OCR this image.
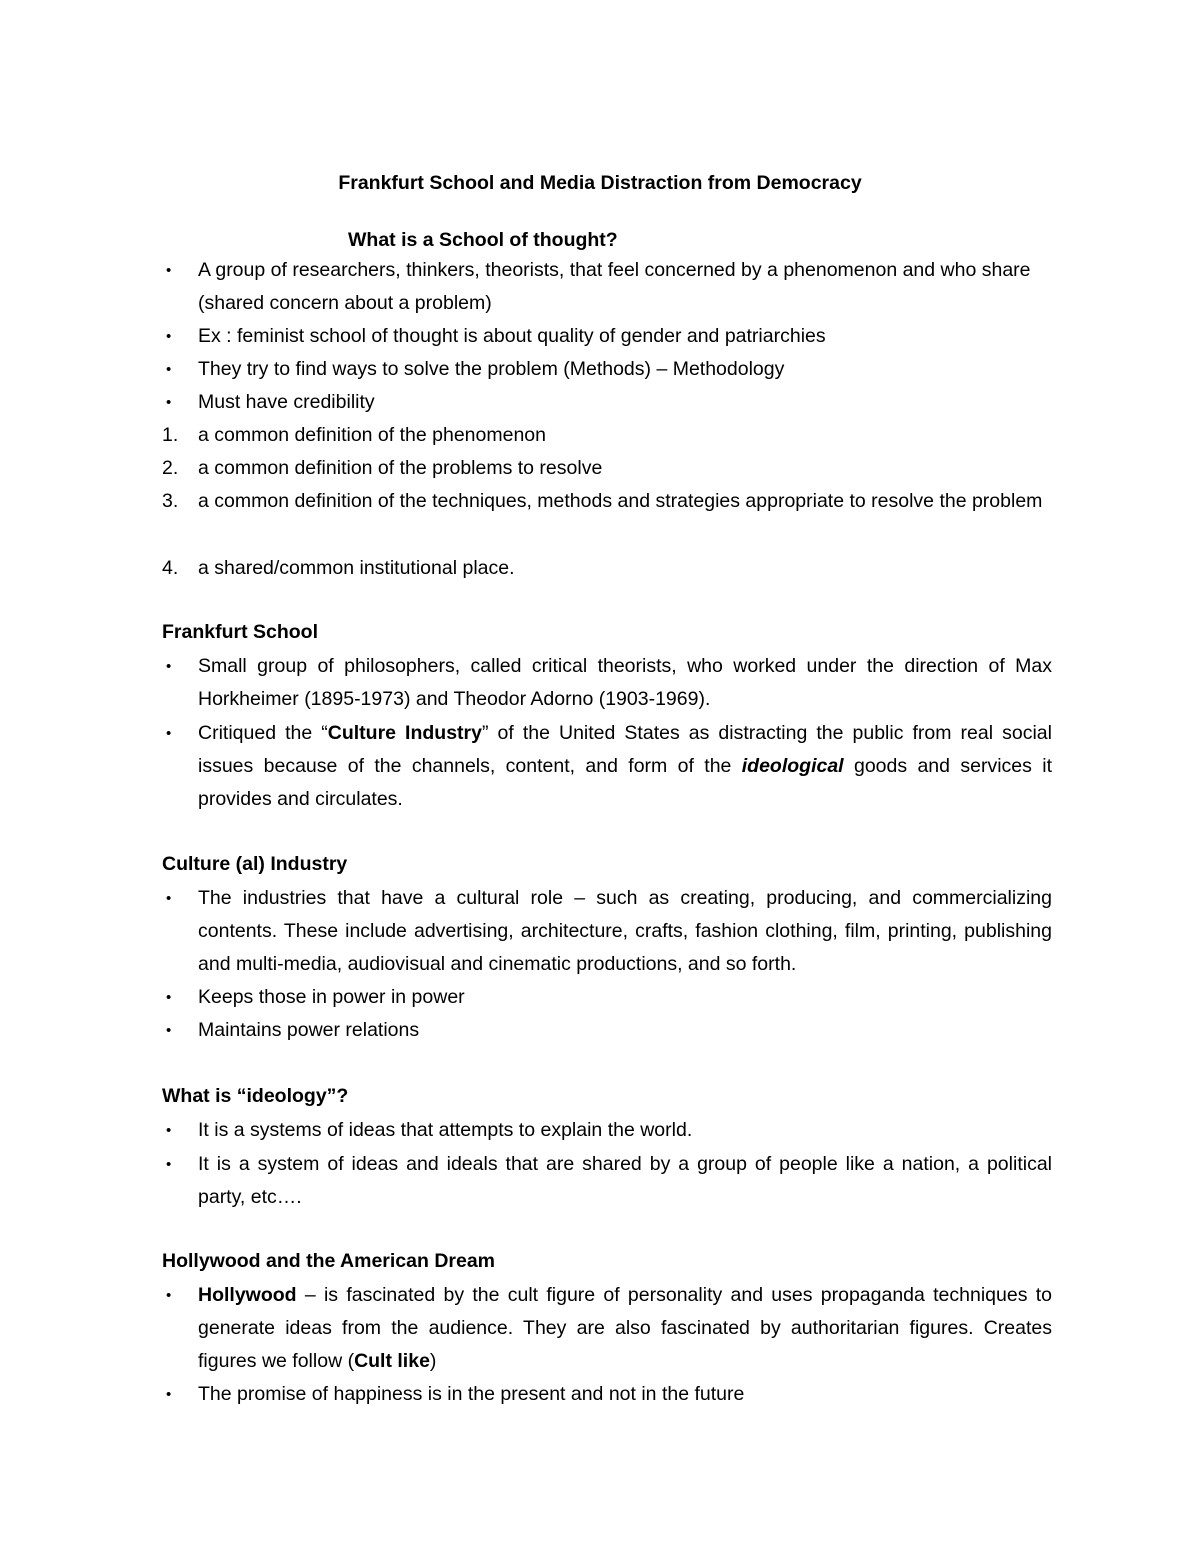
Frankfurt School and Media Distraction from Democracy
What is a School of thought?
•	A group of researchers, thinkers, theorists, that feel concerned by a phenomenon and who share (shared concern about a problem)
•	Ex : feminist school of thought is about quality of gender and patriarchies
•	They try to find ways to solve the problem (Methods) – Methodology
•	Must have credibility
1.	a common definition of the phenomenon
2.	a common definition of the problems to resolve
3.	a common definition of the techniques, methods and strategies appropriate to resolve the problem
4.	a shared/common institutional place.
Frankfurt School
•	Small group of philosophers, called critical theorists, who worked under the direction of Max Horkheimer (1895-1973) and Theodor Adorno (1903-1969).
•	Critiqued the “Culture Industry” of the United States as distracting the public from real social issues because of the channels, content, and form of the ideological goods and services it provides and circulates.
Culture (al) Industry
•	The industries that have a cultural role – such as creating, producing, and commercializing contents. These include advertising, architecture, crafts, fashion clothing, film, printing, publishing and multi-media, audiovisual and cinematic productions, and so forth.
•	Keeps those in power in power
•	Maintains power relations
What is “ideology”?
•	It is a systems of ideas that attempts to explain the world.
•	It is a system of ideas and ideals that are shared by a group of people like a nation, a political party, etc….
Hollywood and the American Dream
•	Hollywood – is fascinated by the cult figure of personality and uses propaganda techniques to generate ideas from the audience. They are also fascinated by authoritarian figures. Creates figures we follow (Cult like)
•	The promise of happiness is in the present and not in the future
